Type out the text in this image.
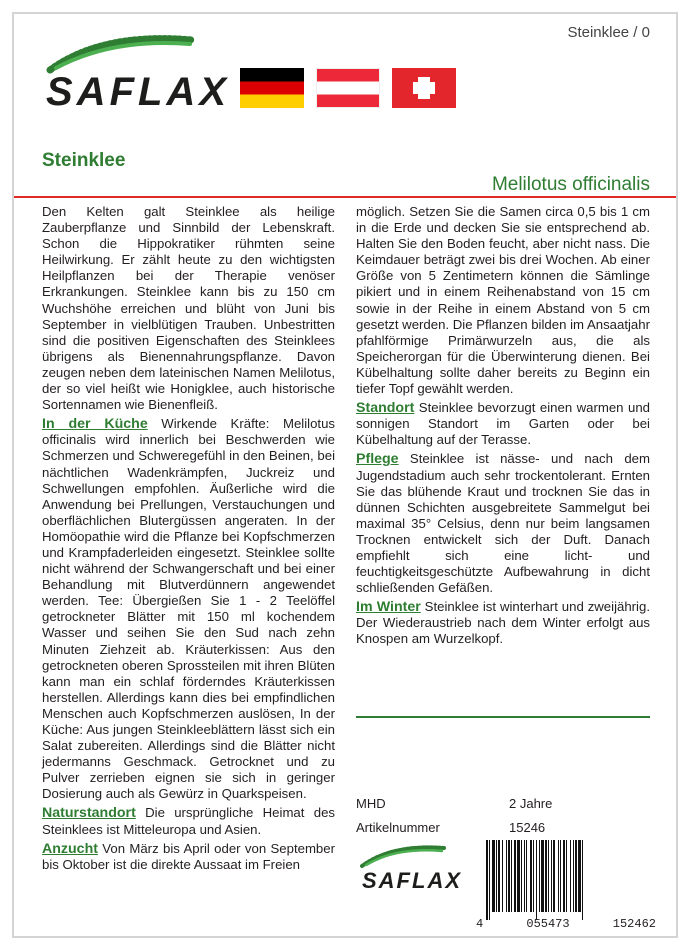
Steinklee / 0
SAFLAX
Steinklee
Melilotus officinalis

Den Kelten galt Steinklee als heilige Zauberpflanze und Sinnbild der Lebenskraft. Schon die Hippokratiker rühmten seine Heilwirkung. Er zählt heute zu den wichtigsten Heilpflanzen bei der Therapie venöser Erkrankungen. Steinklee kann bis zu 150 cm Wuchshöhe erreichen und blüht von Juni bis September in vielblütigen Trauben. Unbestritten sind die positiven Eigenschaften des Steinklees übrigens als Bienennahrungspflanze. Davon zeugen neben dem lateinischen Namen Melilotus, der so viel heißt wie Honigklee, auch historische Sortennamen wie Bienenfleiß.

In der Küche Wirkende Kräfte: Melilotus officinalis wird innerlich bei Beschwerden wie Schmerzen und Schweregefühl in den Beinen, bei nächtlichen Wadenkrämpfen, Juckreiz und Schwellungen empfohlen. Äußerliche wird die Anwendung bei Prellungen, Verstauchungen und oberflächlichen Blutergüssen angeraten. In der Homöopathie wird die Pflanze bei Kopfschmerzen und Krampfaderleiden eingesetzt. Steinklee sollte nicht während der Schwangerschaft und bei einer Behandlung mit Blutverdünnern angewendet werden. Tee: Übergießen Sie 1 - 2 Teelöffel getrockneter Blätter mit 150 ml kochendem Wasser und seihen Sie den Sud nach zehn Minuten Ziehzeit ab. Kräuterkissen: Aus den getrockneten oberen Sprossteilen mit ihren Blüten kann man ein schlaf förderndes Kräuterkissen herstellen. Allerdings kann dies bei empfindlichen Menschen auch Kopfschmerzen auslösen, In der Küche: Aus jungen Steinkleeblättern lässt sich ein Salat zubereiten. Allerdings sind die Blätter nicht jedermanns Geschmack. Getrocknet und zu Pulver zerrieben eignen sie sich in geringer Dosierung auch als Gewürz in Quarkspeisen.

Naturstandort Die ursprüngliche Heimat des Steinklees ist Mitteleuropa und Asien.

Anzucht Von März bis April oder von September bis Oktober ist die direkte Aussaat im Freien

möglich. Setzen Sie die Samen circa 0,5 bis 1 cm in die Erde und decken Sie sie entsprechend ab. Halten Sie den Boden feucht, aber nicht nass. Die Keimdauer beträgt zwei bis drei Wochen. Ab einer Größe von 5 Zentimetern können die Sämlinge pikiert und in einem Reihenabstand von 15 cm sowie in der Reihe in einem Abstand von 5 cm gesetzt werden. Die Pflanzen bilden im Ansaatjahr pfahlförmige Primärwurzeln aus, die als Speicherorgan für die Überwinterung dienen. Bei Kübelhaltung sollte daher bereits zu Beginn ein tiefer Topf gewählt werden.

Standort Steinklee bevorzugt einen warmen und sonnigen Standort im Garten oder bei Kübelhaltung auf der Terasse.

Pflege Steinklee ist nässe- und nach dem Jugendstadium auch sehr trockentolerant. Ernten Sie das blühende Kraut und trocknen Sie das in dünnen Schichten ausgebreitete Sammelgut bei maximal 35° Celsius, denn nur beim langsamen Trocknen entwickelt sich der Duft. Danach empfiehlt sich eine licht- und feuchtigkeitsgeschützte Aufbewahrung in dicht schließenden Gefäßen.

Im Winter Steinklee ist winterhart und zweijährig. Der Wiederaustrieb nach dem Winter erfolgt aus Knospen am Wurzelkopf.

MHD	2 Jahre
Artikelnummer	15246
SAFLAX
4	055473	152462
